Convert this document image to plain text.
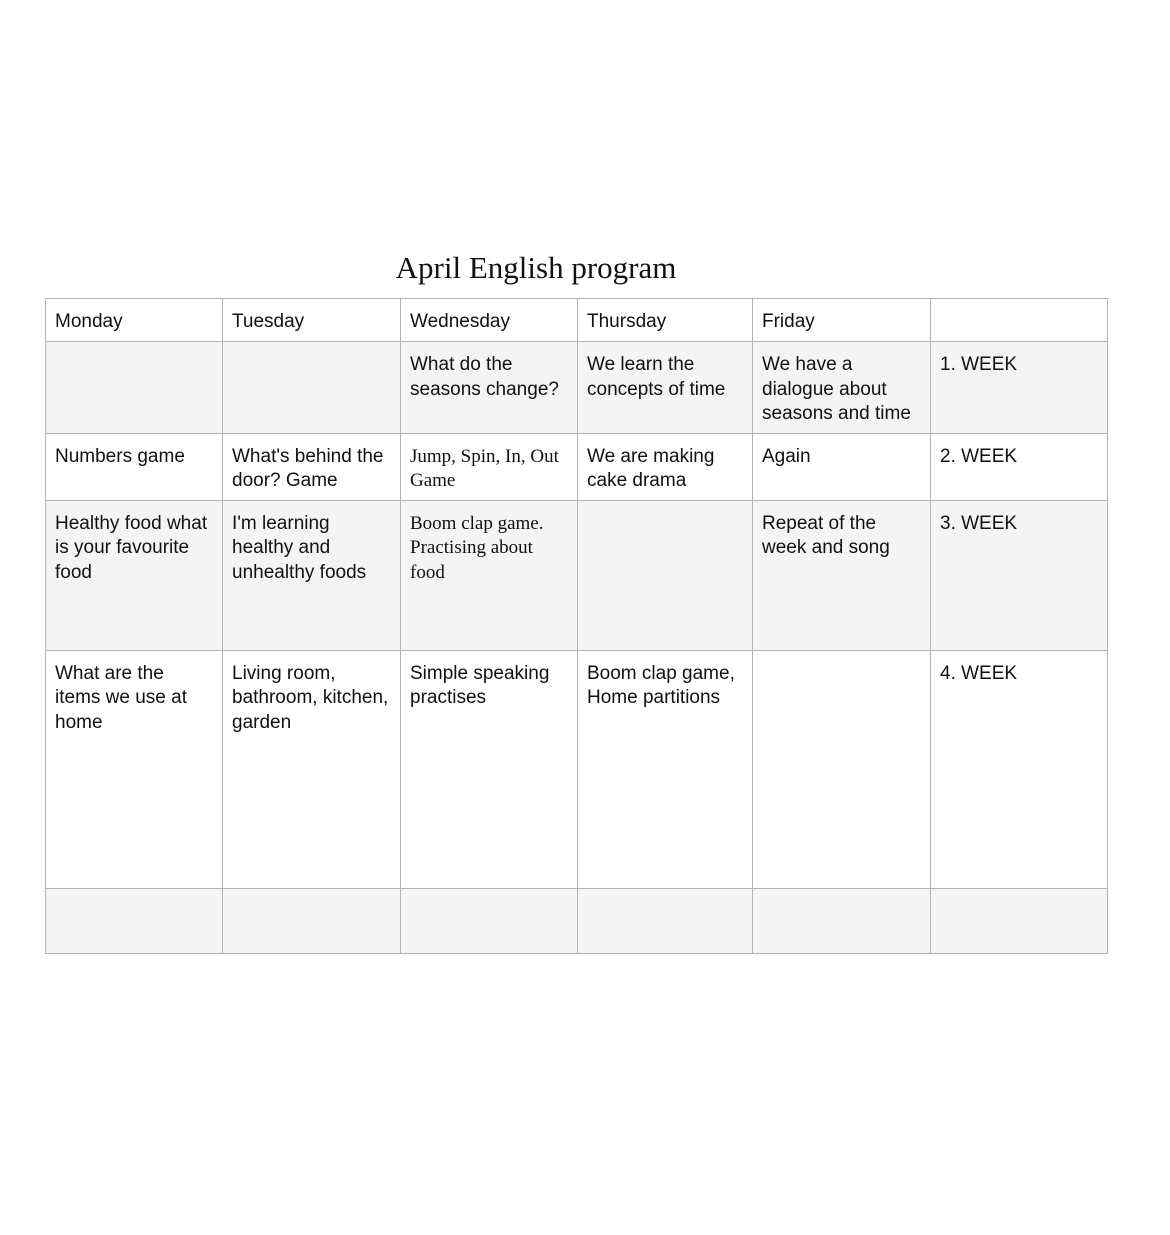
April English program
Monday	Tuesday	Wednesday	Thursday	Friday	
		What do the seasons change?	We learn the concepts of time	We have a dialogue about seasons and time	1. WEEK
Numbers game	What's behind the door? Game	Jump, Spin, In, Out Game	We are making cake drama	Again	2. WEEK
Healthy food what is your favourite food	I'm learning healthy and unhealthy foods	Boom clap game. Practising about food		Repeat of the week and song	3. WEEK
What are the items we use at home	Living room, bathroom, kitchen, garden	Simple speaking practises	Boom clap game, Home partitions		4. WEEK
